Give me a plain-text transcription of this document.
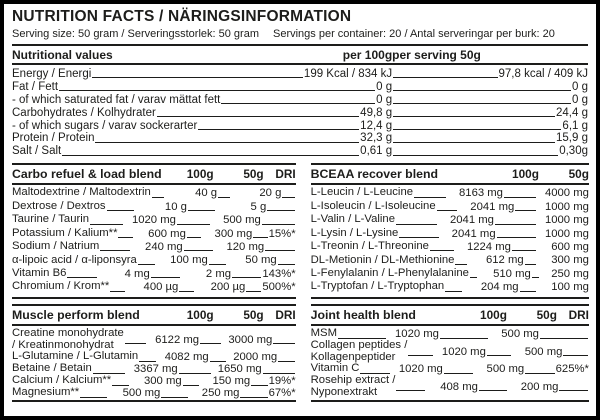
NUTRITION FACTS / NÄRINGSINFORMATION
Serving size: 50 gram / Serveringsstorlek: 50 gram Servings per container: 20 / Antal serveringar per burk: 20
Nutritional values	per 100g per serving 50g
Energy / Energi	199 Kcal / 834 kJ	97,8 kcal / 409 kJ
Fat / Fett	0 g	0 g
- of which saturated fat / varav mättat fett	0 g	0 g
Carbohydrates / Kolhydrater	49,8 g	24,4 g
- of which sugars / varav sockerarter	12,4 g	6,1 g
Protein / Protein	32,3 g	15,9 g
Salt / Salt	0,61 g	0,30g
Carbo refuel & load blend	100g	50g DRI
Maltodextrine / Maltodextrin	40 g	20 g
Dextrose / Dextros	10 g	5 g
Taurine / Taurin	1020 mg	500 mg
Potassium / Kalium**	600 mg	300 mg 15%*
Sodium / Natrium	240 mg	120 mg
α-lipoic acid / α-liponsyra	100 mg	50 mg
Vitamin B6	4 mg	2 mg	143%*
Chromium / Krom**	400 µg	200 µg 500%*
BCEAA recover blend	100g	50g
L-Leucin / L-Leucine	8163 mg	4000 mg
L-Isoleucin / L-Isoleucine	2041 mg	1000 mg
L-Valin / L-Valine	2041 mg	1000 mg
L-Lysin / L-Lysine	2041 mg	1000 mg
L-Treonin / L-Threonine	1224 mg	600 mg
DL-Metionin / DL-Methionine	612 mg	300 mg
L-Fenylalanin / L-Phenylalanine	510 mg	250 mg
L-Tryptofan / L-Tryptophan	204 mg	100 mg
Muscle perform blend	100g	50g DRI
Creatine monohydrate
/ Kreatinmonohydrat	6122 mg	3000 mg
L-Glutamine / L-Glutamin	4082 mg	2000 mg
Betaine / Betain	3367 mg	1650 mg
Calcium / Kalcium**	300 mg	150 mg 19%*
Magnesium**	500 mg	250 mg	67%*
Joint health blend	100g	50g DRI
MSM	1020 mg	500 mg
Collagen peptides /
Kollagenpeptider	1020 mg	500 mg
Vitamin C	1020 mg	500 mg	625%*
Rosehip extract /
Nyponextrakt	408 mg	200 mg
